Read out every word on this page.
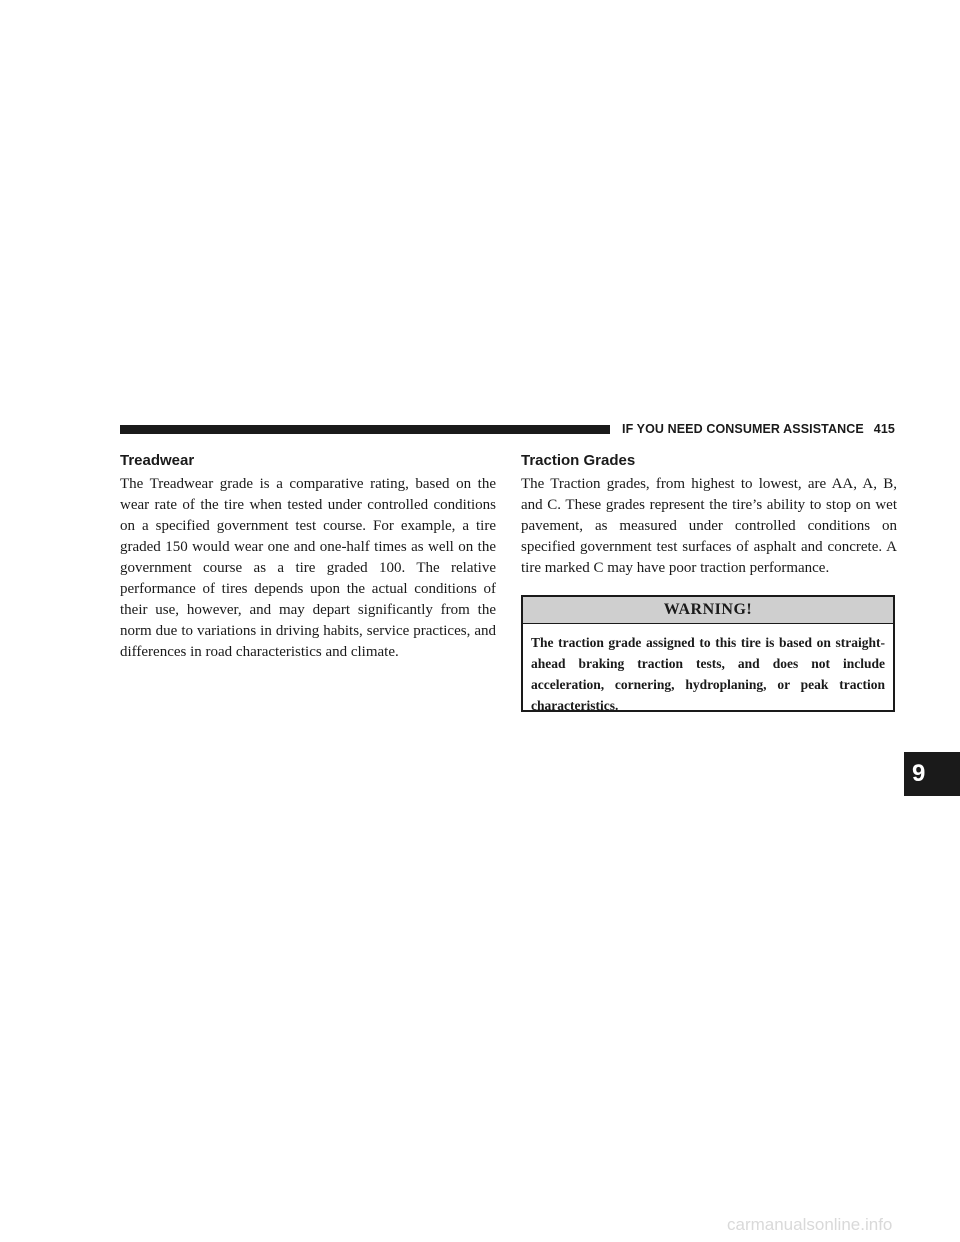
IF YOU NEED CONSUMER ASSISTANCE 415
Treadwear

The Treadwear grade is a comparative rating, based on the wear rate of the tire when tested under controlled conditions on a specified government test course. For example, a tire graded 150 would wear one and one-half times as well on the government course as a tire graded 100. The relative performance of tires depends upon the actual conditions of their use, however, and may depart significantly from the norm due to variations in driving habits, service practices, and differences in road characteristics and climate.

Traction Grades

The Traction grades, from highest to lowest, are AA, A, B, and C. These grades represent the tire’s ability to stop on wet pavement, as measured under controlled conditions on specified government test surfaces of asphalt and concrete. A tire marked C may have poor traction performance.

WARNING!
The traction grade assigned to this tire is based on straight-ahead braking traction tests, and does not include acceleration, cornering, hydroplaning, or peak traction characteristics.
9
carmanualsonline.info
